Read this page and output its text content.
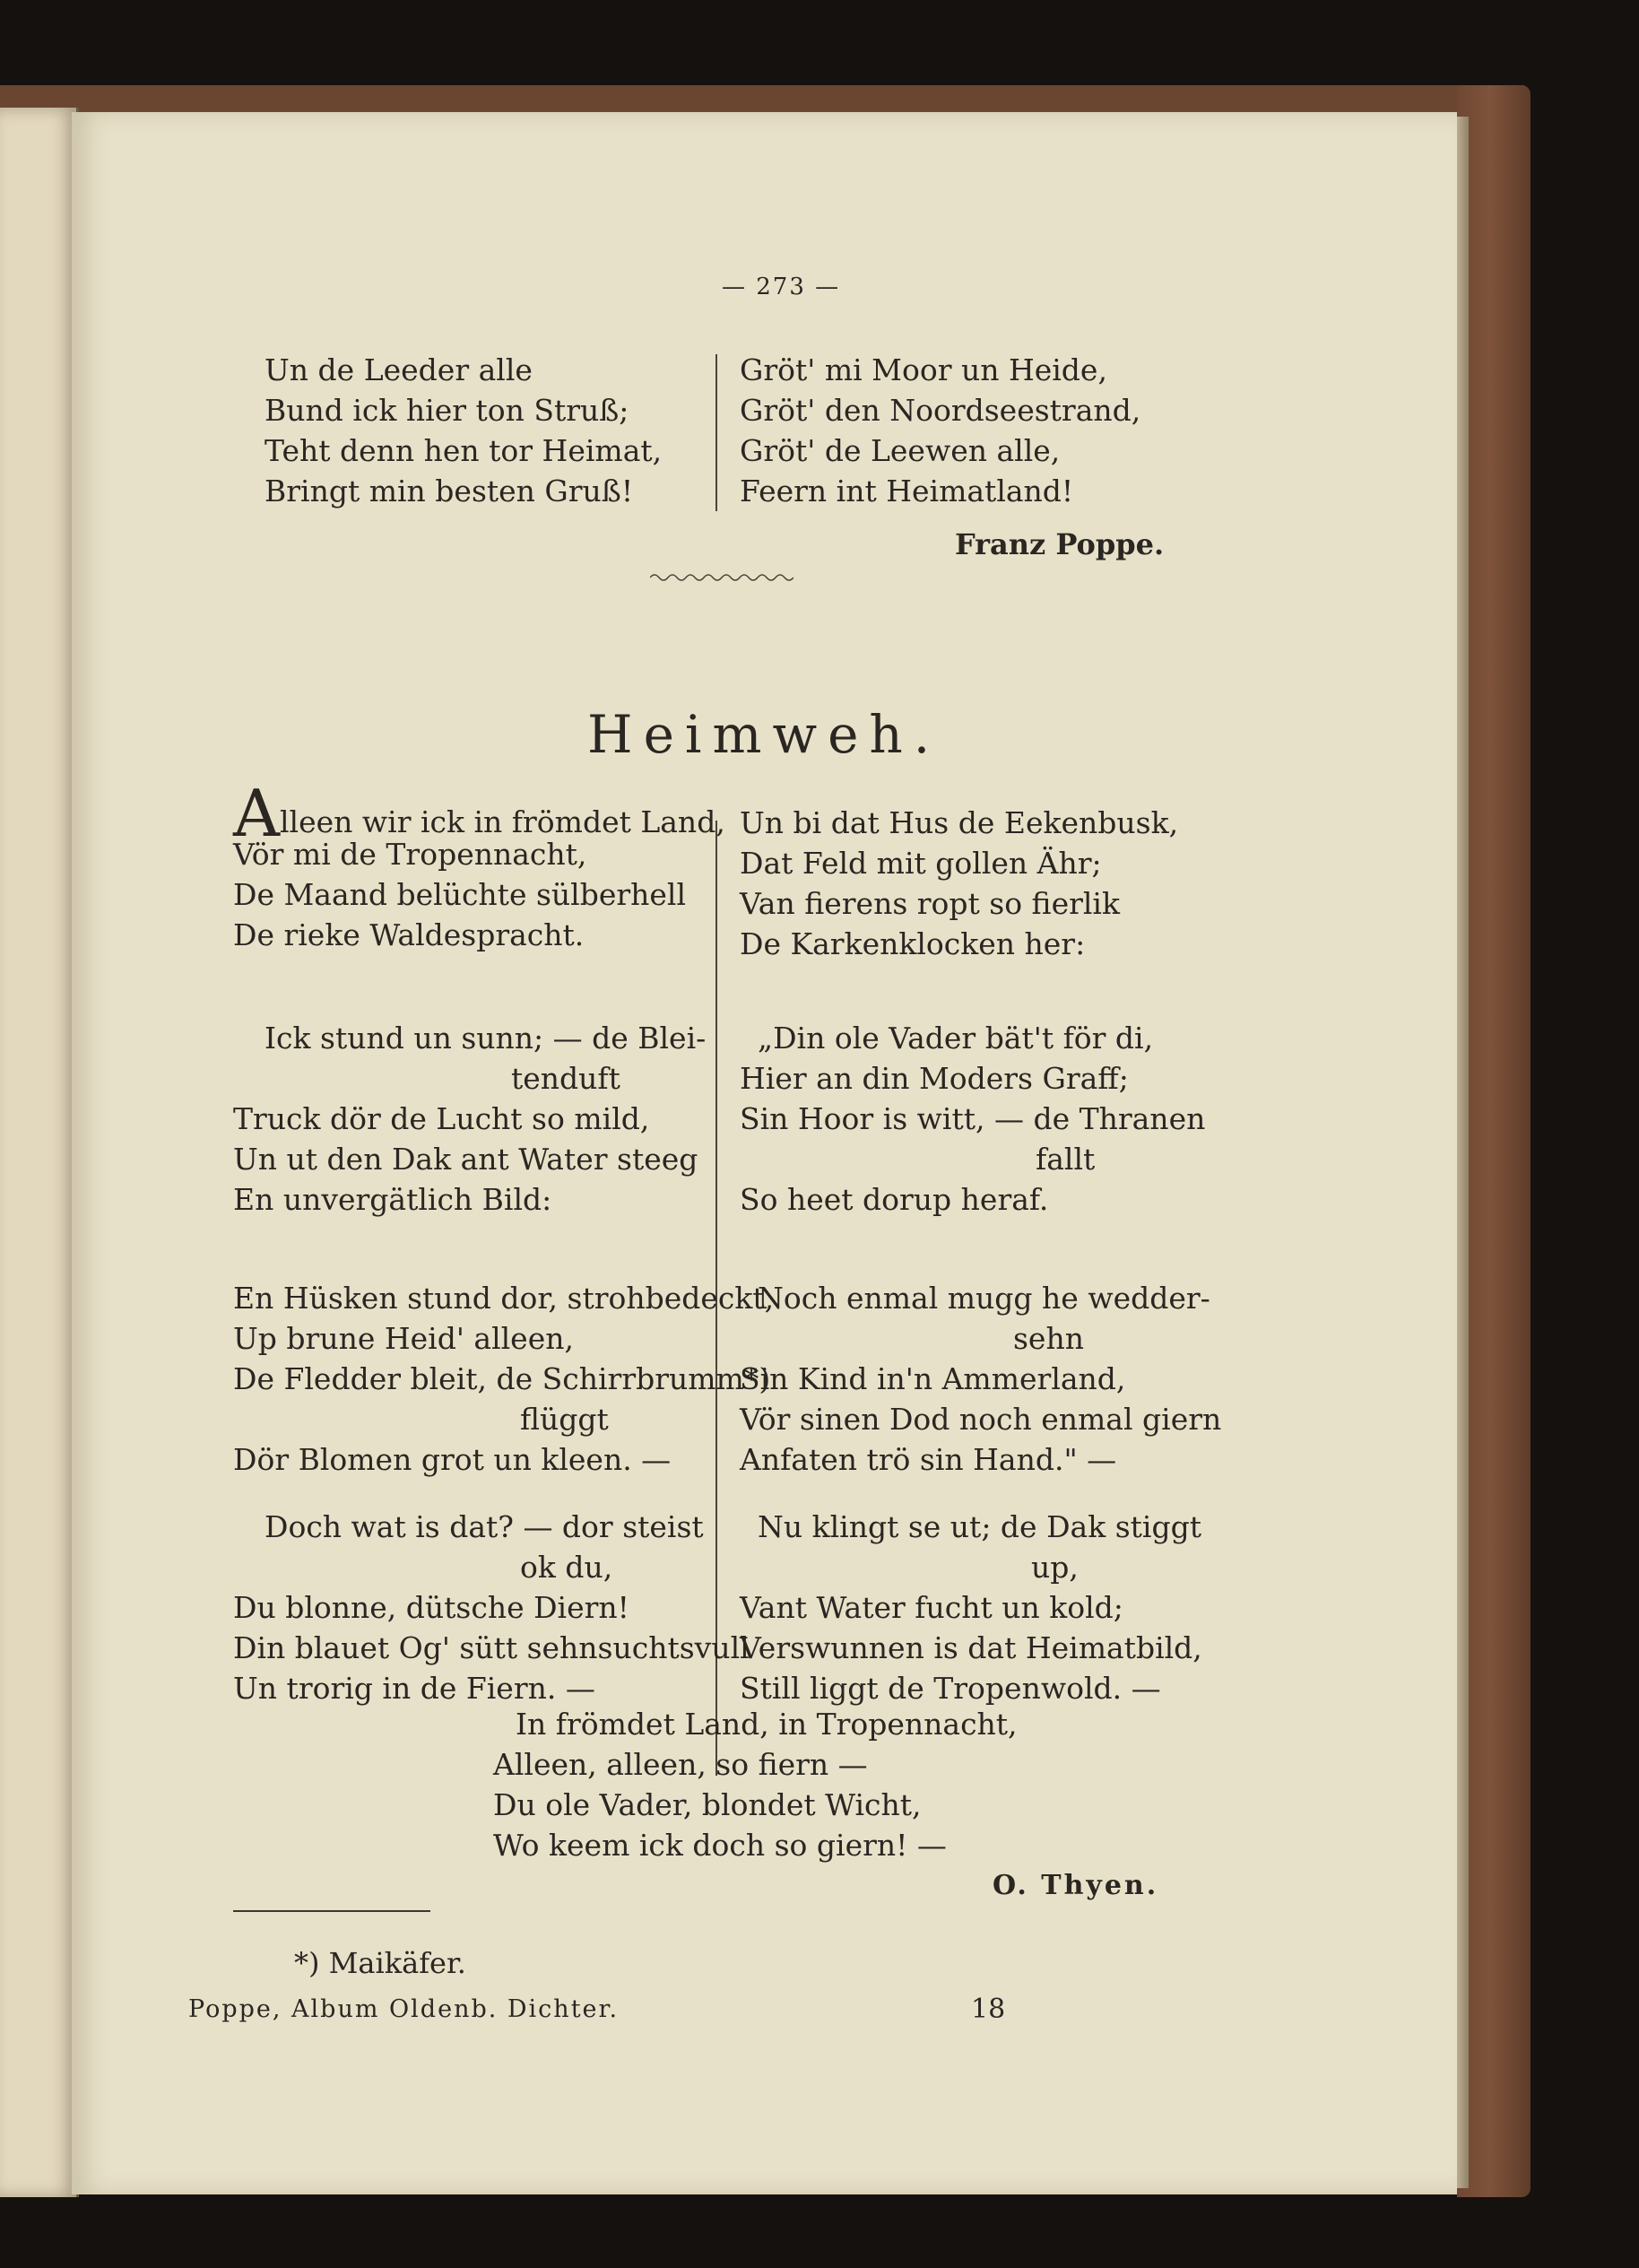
— 273 —
Un de Leeder alle
Bund ick hier ton Struß;
Teht denn hen tor Heimat,
Bringt min besten Gruß!
Gröt' mi Moor un Heide,
Gröt' den Noordseestrand,
Gröt' de Leewen alle,
Feern int Heimatland!
Franz Poppe.
Heimweh.
Alleen wir ick in frömdet Land,
Vör mi de Tropennacht,
De Maand belüchte sülberhell
De rieke Waldespracht.
Ick stund un sunn; — de Blei-
tenduft
Truck dör de Lucht so mild,
Un ut den Dak ant Water steeg
En unvergätlich Bild:
En Hüsken stund dor, strohbedeckt,
Up brune Heid' alleen,
De Fledder bleit, de Schirrbrumm*)
flüggt
Dör Blomen grot un kleen. —
Doch wat is dat? — dor steist
ok du,
Du blonne, dütsche Diern!
Din blauet Og' sütt sehnsuchtsvull
Un trorig in de Fiern. —
Un bi dat Hus de Eekenbusk,
Dat Feld mit gollen Ähr;
Van fierens ropt so fierlik
De Karkenklocken her:
„Din ole Vader bät't för di,
Hier an din Moders Graff;
Sin Hoor is witt, — de Thranen
fallt
So heet dorup heraf.
Noch enmal mugg he wedder-
sehn
Sin Kind in'n Ammerland,
Vör sinen Dod noch enmal giern
Anfaten trö sin Hand." —
Nu klingt se ut; de Dak stiggt
up,
Vant Water fucht un kold;
Verswunnen is dat Heimatbild,
Still liggt de Tropenwold. —
In frömdet Land, in Tropennacht,
Alleen, alleen, so fiern —
Du ole Vader, blondet Wicht,
Wo keem ick doch so giern! —
O. Thyen.
*) Maikäfer.
Poppe, Album Oldenb. Dichter.	18
